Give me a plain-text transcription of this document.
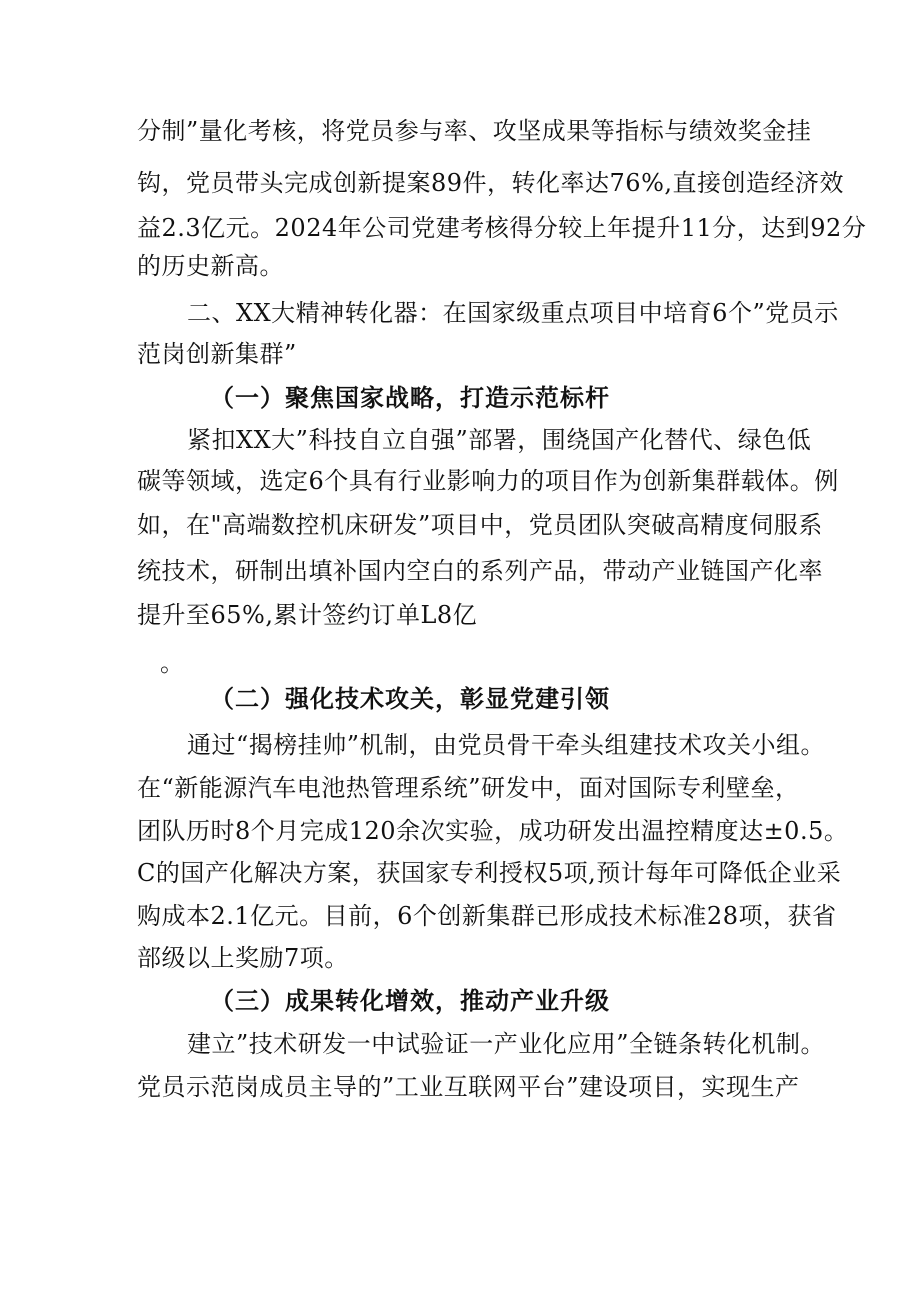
分制”量化考核，将党员参与率、攻坚成果等指标与绩效奖金挂
钩，党员带头完成创新提案89件，转化率达76%,直接创造经济效
益2.3亿元。2024年公司党建考核得分较上年提升11分，达到92分
的历史新高。
二、XX大精神转化器：在国家级重点项目中培育6个”党员示
范岗创新集群”
（一）聚焦国家战略，打造示范标杆
紧扣XX大”科技自立自强”部署，围绕国产化替代、绿色低
碳等领域，选定6个具有行业影响力的项目作为创新集群载体。例
如，在"高端数控机床研发”项目中，党员团队突破高精度伺服系
统技术，研制出填补国内空白的系列产品，带动产业链国产化率
提升至65%,累计签约订单L8亿
。
（二）强化技术攻关，彰显党建引领
通过“揭榜挂帅”机制，由党员骨干牵头组建技术攻关小组。
在“新能源汽车电池热管理系统”研发中，面对国际专利壁垒，
团队历时8个月完成120余次实验，成功研发出温控精度达±0.5。
C的国产化解决方案，获国家专利授权5项,预计每年可降低企业采
购成本2.1亿元。目前，6个创新集群已形成技术标准28项，获省
部级以上奖励7项。
（三）成果转化增效，推动产业升级
建立”技术研发一中试验证一产业化应用”全链条转化机制。
党员示范岗成员主导的”工业互联网平台”建设项目，实现生产
